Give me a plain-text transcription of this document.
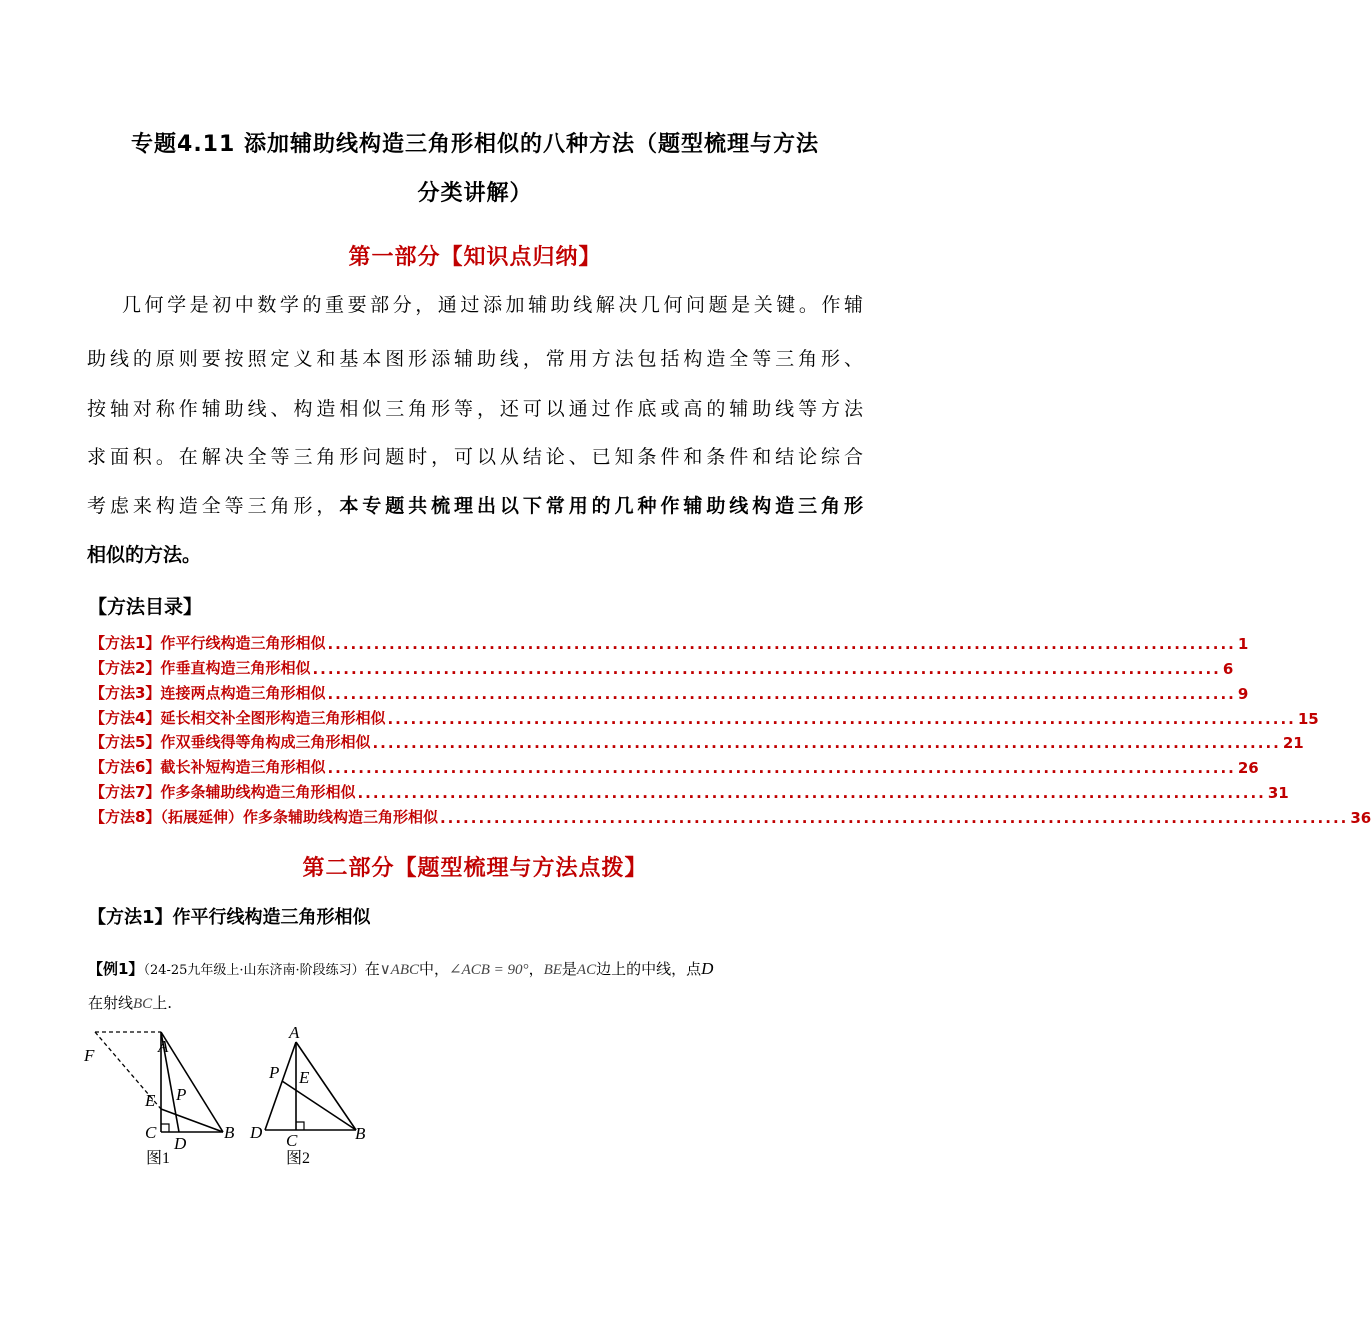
专题4.11 添加辅助线构造三角形相似的八种方法（题型梳理与方法
分类讲解）
第一部分【知识点归纳】
几何学是初中数学的重要部分，通过添加辅助线解决几何问题是关键。作辅
助线的原则要按照定义和基本图形添辅助线，常用方法包括构造全等三角形、
按轴对称作辅助线、构造相似三角形等，还可以通过作底或高的辅助线等方法
求面积。在解决全等三角形问题时，可以从结论、已知条件和条件和结论综合
考虑来构造全等三角形，本专题共梳理出以下常用的几种作辅助线构造三角形
相似的方法。
【方法目录】
【方法1】作平行线构造三角形相似 ...................................................................................................................... 1
【方法2】作垂直构造三角形相似 ...................................................................................................................... 6
【方法3】连接两点构造三角形相似 ...................................................................................................................... 9
【方法4】延长相交补全图形构造三角形相似 ...................................................................................................................... 15
【方法5】作双垂线得等角构成三角形相似 ...................................................................................................................... 21
【方法6】截长补短构造三角形相似 ...................................................................................................................... 26
【方法7】作多条辅助线构造三角形相似 ...................................................................................................................... 31
【方法8】（拓展延伸）作多条辅助线构造三角形相似 ...................................................................................................................... 36
第二部分【题型梳理与方法点拨】
【方法1】作平行线构造三角形相似
【例1】（24-25九年级上·山东济南·阶段练习）在∨ABC中，∠ACB = 90°，BE是AC边上的中线，点D
在射线BC上.
F	A
E P
C
D
B
图1
A
P E
D C	B
图2
